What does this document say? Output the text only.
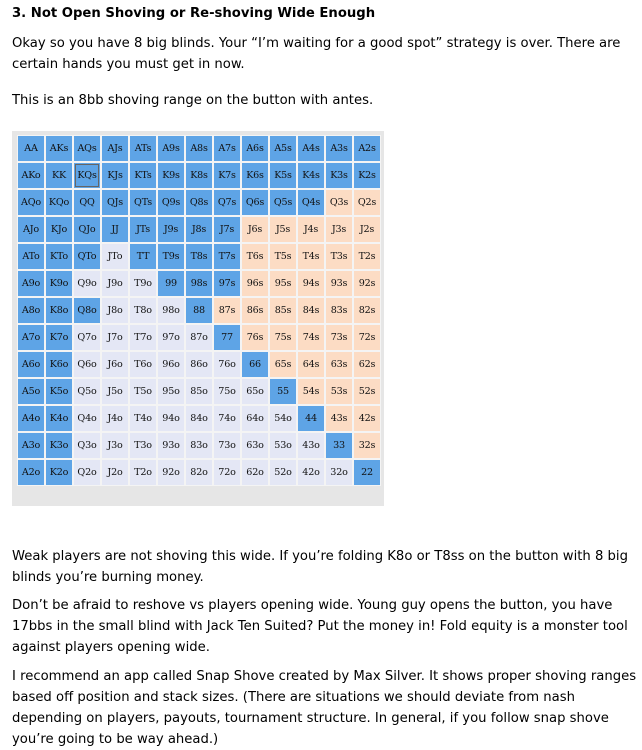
3. Not Open Shoving or Re-shoving Wide Enough
Okay so you have 8 big blinds. Your “I’m waiting for a good spot” strategy is over. There are certain hands you must get in now.
This is an 8bb shoving range on the button with antes.
Weak players are not shoving this wide. If you’re folding K8o or T8ss on the button with 8 big blinds you’re burning money.
Don’t be afraid to reshove vs players opening wide. Young guy opens the button, you have 17bbs in the small blind with Jack Ten Suited? Put the money in! Fold equity is a monster tool against players opening wide.
I recommend an app called Snap Shove created by Max Silver. It shows proper shoving ranges based off position and stack sizes. (There are situations we should deviate from nash depending on players, payouts, tournament structure. In general, if you follow snap shove you’re going to be way ahead.)
AA	AKs AQs	AJs	ATs	A9s	A8s	A7s	A6s	A5s	A4s	A3s	A2s
AKo	KK	KQs	KJs	KTs	K9s	K8s	K7s	K6s	K5s	K4s	K3s	K2s
AQo KQo	QQ	QJs	QTs	Q9s	Q8s	Q7s	Q6s	Q5s	Q4s	Q3s	Q2s
AJo	KJo	QJo	JJ	JTs	J9s	J8s	J7s	J6s	J5s	J4s	J3s	J2s
ATo	KTo	QTo	JTo	TT	T9s	T8s	T7s	T6s	T5s	T4s	T3s	T2s
A9o	K9o Q9o	J9o	T9o	99	98s	97s	96s	95s	94s	93s	92s
A8o	K8o Q8o	J8o	T8o	98o	88	87s	86s	85s	84s	83s	82s
A7o	K7o Q7o	J7o	T7o	97o	87o	77	76s	75s	74s	73s	72s
A6o	K6o Q6o	J6o	T6o	96o	86o	76o	66	65s	64s	63s	62s
A5o	K5o Q5o	J5o	T5o	95o	85o	75o	65o	55	54s	53s	52s
A4o	K4o Q4o	J4o	T4o	94o	84o	74o	64o	54o	44	43s	42s
A3o	K3o Q3o	J3o	T3o	93o	83o	73o	63o	53o	43o	33	32s
A2o	K2o Q2o	J2o	T2o	92o	82o	72o	62o	52o	42o	32o	22
